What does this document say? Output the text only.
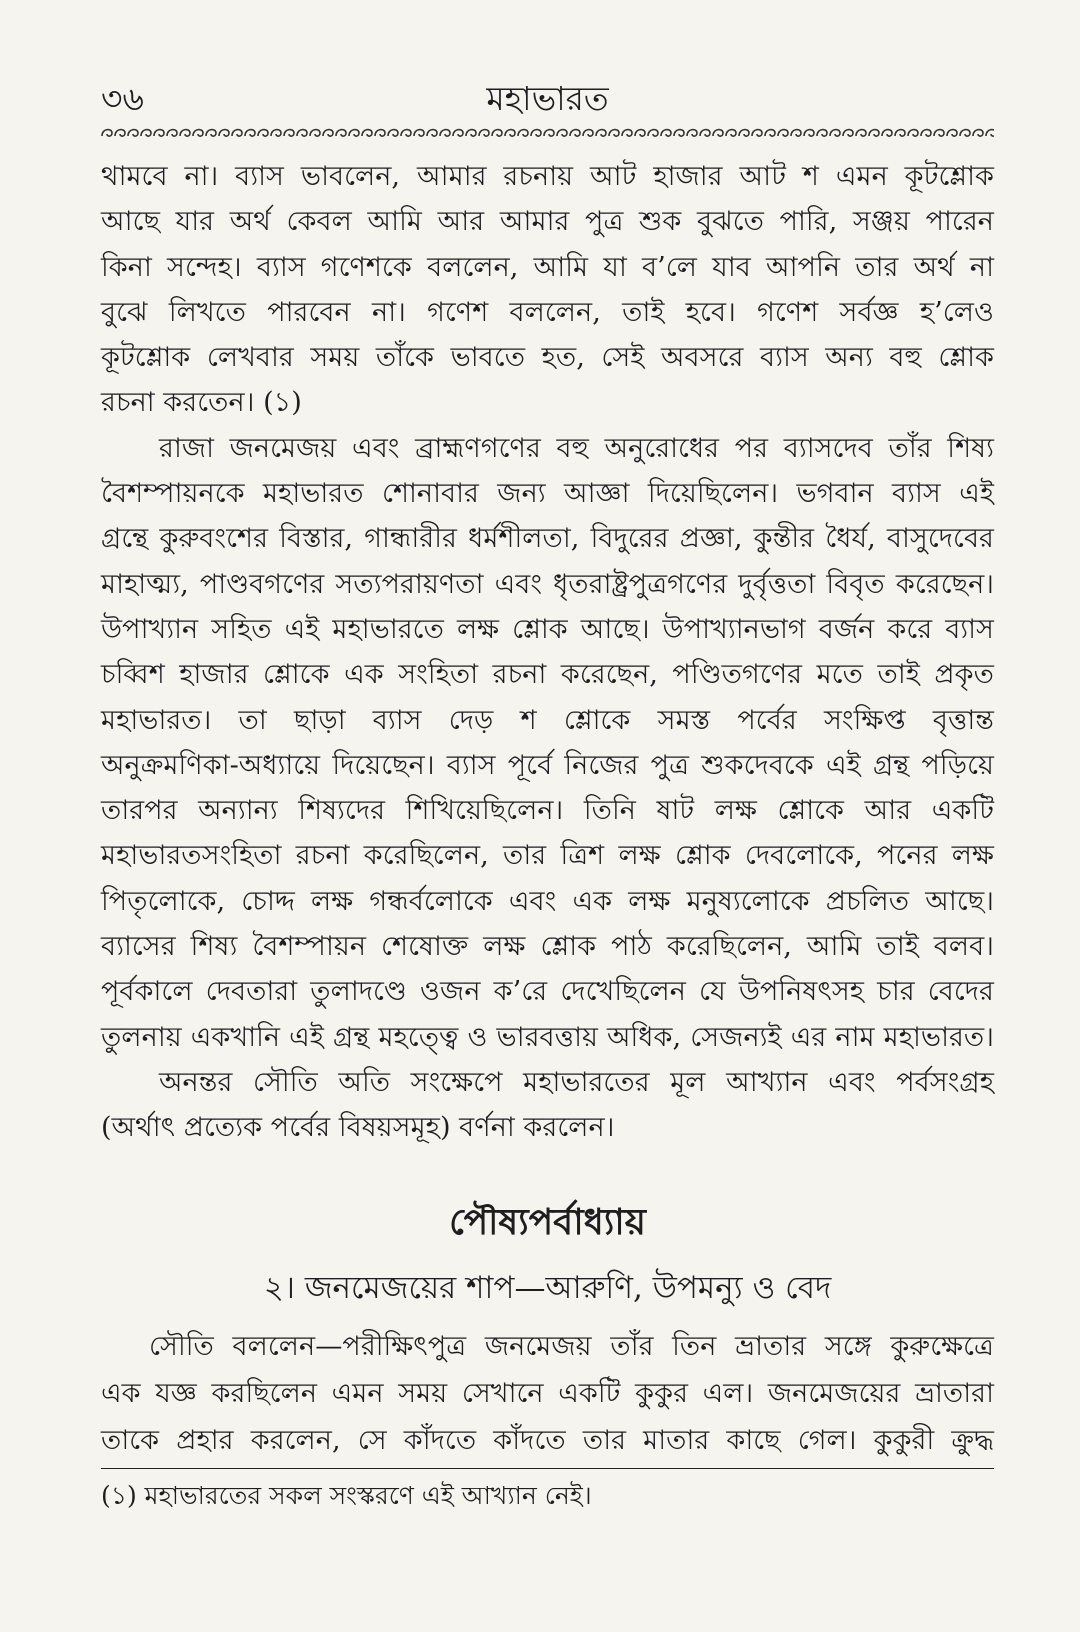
৩৬	মহাভারত
থামবে না। ব্যাস ভাবলেন, আমার রচনায় আট হাজার আট শ এমন কূটশ্লোক
আছে যার অর্থ কেবল আমি আর আমার পুত্র শুক বুঝতে পারি, সঞ্জয় পারেন
কিনা সন্দেহ। ব্যাস গণেশকে বললেন, আমি যা ব’লে যাব আপনি তার অর্থ না
বুঝে লিখতে পারবেন না। গণেশ বললেন, তাই হবে। গণেশ সর্বজ্ঞ হ’লেও
কূটশ্লোক লেখবার সময় তাঁকে ভাবতে হত, সেই অবসরে ব্যাস অন্য বহু শ্লোক
রচনা করতেন। (১)
রাজা জনমেজয় এবং ব্রাহ্মণগণের বহু অনুরোধের পর ব্যাসদেব তাঁর শিষ্য
বৈশম্পায়নকে মহাভারত শোনাবার জন্য আজ্ঞা দিয়েছিলেন। ভগবান ব্যাস এই
গ্রন্থে কুরুবংশের বিস্তার, গান্ধারীর ধর্মশীলতা, বিদুরের প্রজ্ঞা, কুন্তীর ধৈর্য, বাসুদেবের
মাহাত্ম্য, পাণ্ডবগণের সত্যপরায়ণতা এবং ধৃতরাষ্ট্রপুত্রগণের দুর্বৃত্ততা বিবৃত করেছেন।
উপাখ্যান সহিত এই মহাভারতে লক্ষ শ্লোক আছে। উপাখ্যানভাগ বর্জন করে ব্যাস
চব্বিশ হাজার শ্লোকে এক সংহিতা রচনা করেছেন, পণ্ডিতগণের মতে তাই প্রকৃত
মহাভারত। তা ছাড়া ব্যাস দেড় শ শ্লোকে সমস্ত পর্বের সংক্ষিপ্ত বৃত্তান্ত
অনুক্রমণিকা-অধ্যায়ে দিয়েছেন। ব্যাস পূর্বে নিজের পুত্র শুকদেবকে এই গ্রন্থ পড়িয়ে
তারপর অন্যান্য শিষ্যদের শিখিয়েছিলেন। তিনি ষাট লক্ষ শ্লোকে আর একটি
মহাভারতসংহিতা রচনা করেছিলেন, তার ত্রিশ লক্ষ শ্লোক দেবলোকে, পনের লক্ষ
পিতৃলোকে, চোদ্দ লক্ষ গন্ধর্বলোকে এবং এক লক্ষ মনুষ্যলোকে প্রচলিত আছে।
ব্যাসের শিষ্য বৈশম্পায়ন শেষোক্ত লক্ষ শ্লোক পাঠ করেছিলেন, আমি তাই বলব।
পূর্বকালে দেবতারা তুলাদণ্ডে ওজন ক’রে দেখেছিলেন যে উপনিষৎসহ চার বেদের
তুলনায় একখানি এই গ্রন্থ মহত্ত্বে ও ভারবত্তায় অধিক, সেজন্যই এর নাম মহাভারত।
অনন্তর সৌতি অতি সংক্ষেপে মহাভারতের মূল আখ্যান এবং পর্বসংগ্রহ
(অর্থাৎ প্রত্যেক পর্বের বিষয়সমূহ) বর্ণনা করলেন।
পৌষ্যপর্বাধ্যায়
২। জনমেজয়ের শাপ—আরুণি, উপমন্যু ও বেদ
সৌতি বললেন—পরীক্ষিৎপুত্র জনমেজয় তাঁর তিন ভ্রাতার সঙ্গে কুরুক্ষেত্রে
এক যজ্ঞ করছিলেন এমন সময় সেখানে একটি কুকুর এল। জনমেজয়ের ভ্রাতারা
তাকে প্রহার করলেন, সে কাঁদতে কাঁদতে তার মাতার কাছে গেল। কুকুরী ক্রুদ্ধ
(১) মহাভারতের সকল সংস্করণে এই আখ্যান নেই।
